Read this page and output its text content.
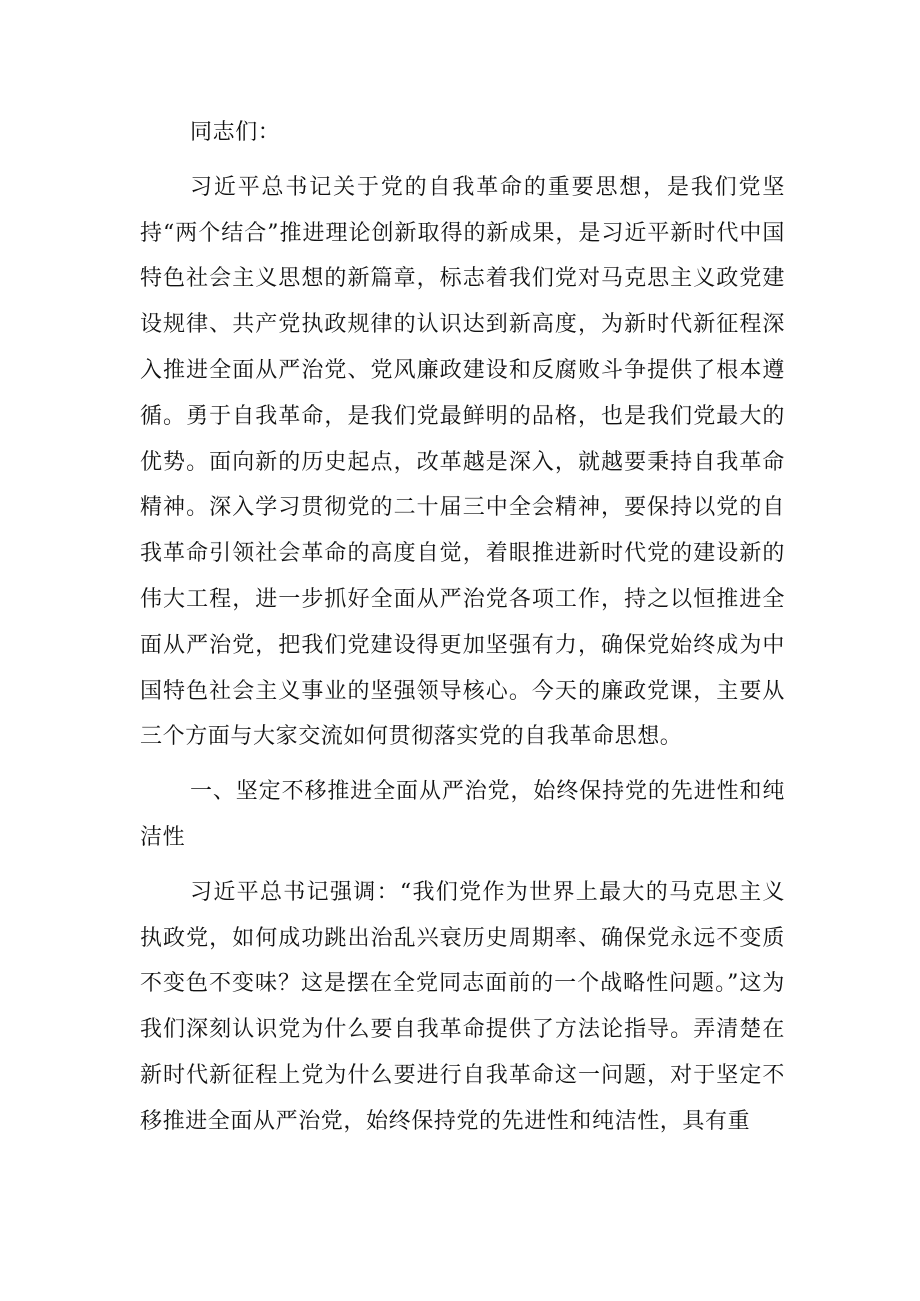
同志们：

习近平总书记关于党的自我革命的重要思想，是我们党坚持“两个结合”推进理论创新取得的新成果，是习近平新时代中国特色社会主义思想的新篇章，标志着我们党对马克思主义政党建设规律、共产党执政规律的认识达到新高度，为新时代新征程深入推进全面从严治党、党风廉政建设和反腐败斗争提供了根本遵循。勇于自我革命，是我们党最鲜明的品格，也是我们党最大的优势。面向新的历史起点，改革越是深入，就越要秉持自我革命精神。深入学习贯彻党的二十届三中全会精神，要保持以党的自我革命引领社会革命的高度自觉，着眼推进新时代党的建设新的伟大工程，进一步抓好全面从严治党各项工作，持之以恒推进全面从严治党，把我们党建设得更加坚强有力，确保党始终成为中国特色社会主义事业的坚强领导核心。今天的廉政党课，主要从三个方面与大家交流如何贯彻落实党的自我革命思想。

一、坚定不移推进全面从严治党，始终保持党的先进性和纯洁性

习近平总书记强调：“我们党作为世界上最大的马克思主义执政党，如何成功跳出治乱兴衰历史周期率、确保党永远不变质不变色不变味？这是摆在全党同志面前的一个战略性问题。”这为我们深刻认识党为什么要自我革命提供了方法论指导。弄清楚在新时代新征程上党为什么要进行自我革命这一问题，对于坚定不移推进全面从严治党，始终保持党的先进性和纯洁性，具有重
